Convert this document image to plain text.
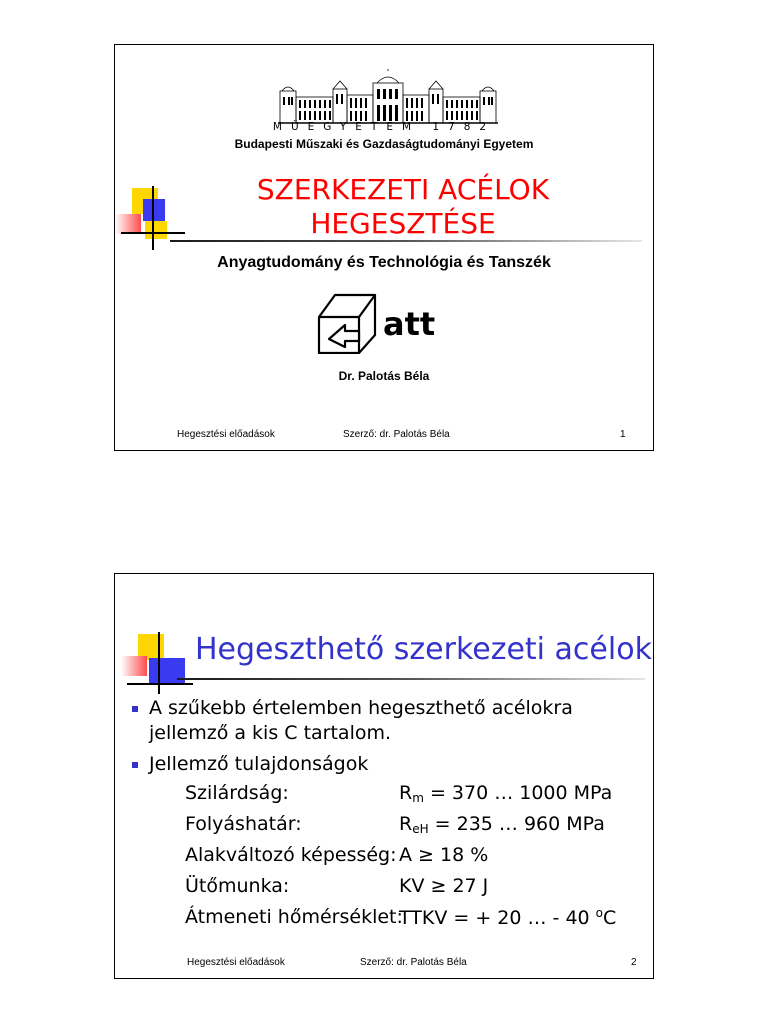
MŰEGYETEM 1782
Budapesti Műszaki és Gazdaságtudományi Egyetem
SZERKEZETI ACÉLOK
HEGESZTÉSE
Anyagtudomány és Technológia és Tanszék
att
Dr. Palotás Béla
Hegesztési előadások	Szerző: dr. Palotás Béla	1
Hegeszthető szerkezeti acélok
A szűkebb értelemben hegeszthető acélokra jellemző a kis C tartalom.
Jellemző tulajdonságok
Szilárdság:	$R_m = 370$ … 1000 MPa
Folyáshatár:	$R_{eH} = 235$ … 960 MPa
Alakváltozó képesség: A ≥ 18 %
Ütőmunka:	KV ≥ 27 J
Átmeneti hőmérséklet:
TTKV = + 20 … - 40 $^o$C
Hegesztési előadások	Szerző: dr. Palotás Béla	2
